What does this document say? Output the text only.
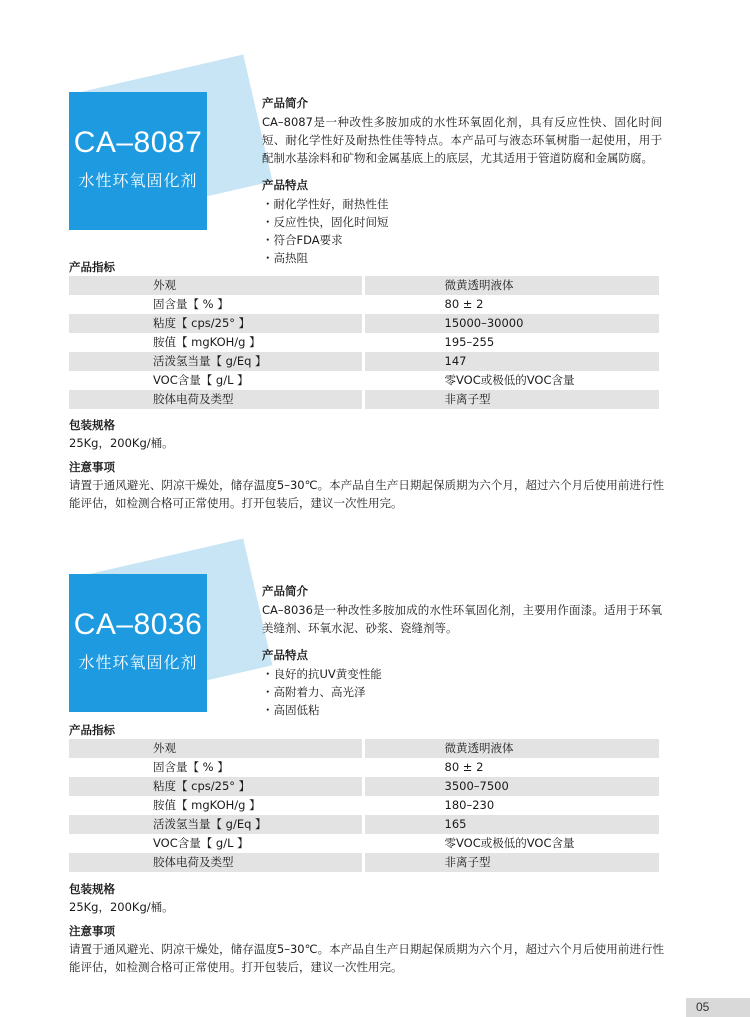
CA–8087
水性环氧固化剂
产品简介

CA–8087是一种改性多胺加成的水性环氧固化剂，具有反应性快、固化时间短、耐化学性好及耐热性佳等特点。本产品可与液态环氧树脂一起使用，用于配制水基涂料和矿物和金属基底上的底层，尤其适用于管道防腐和金属防腐。

产品特点
・耐化学性好，耐热性佳
・反应性快，固化时间短
・符合FDA要求
・高热阻
产品指标
外观	微黄透明液体
固含量【 % 】	80 ± 2
粘度【 cps/25° 】	15000–30000
胺值【 mgKOH/g 】	195–255
活泼氢当量【 g/Eq 】	147
VOC含量【 g/L 】	零VOC或极低的VOC含量
胶体电荷及类型	非离子型
包装规格

25Kg，200Kg/桶。

注意事项

请置于通风避光、阴凉干燥处，储存温度5–30℃。本产品自生产日期起保质期为六个月，超过六个月后使用前进行性能评估，如检测合格可正常使用。打开包装后，建议一次性用完。

CA–8036
水性环氧固化剂
产品简介

CA–8036是一种改性多胺加成的水性环氧固化剂，主要用作面漆。适用于环氧美缝剂、环氧水泥、砂浆、瓷缝剂等。

产品特点
・良好的抗UV黄变性能
・高附着力、高光泽
・高固低粘
产品指标
外观	微黄透明液体
固含量【 % 】	80 ± 2
粘度【 cps/25° 】	3500–7500
胺值【 mgKOH/g 】	180–230
活泼氢当量【 g/Eq 】	165
VOC含量【 g/L 】	零VOC或极低的VOC含量
胶体电荷及类型	非离子型
包装规格

25Kg，200Kg/桶。

注意事项

请置于通风避光、阴凉干燥处，储存温度5–30℃。本产品自生产日期起保质期为六个月，超过六个月后使用前进行性能评估，如检测合格可正常使用。打开包装后，建议一次性用完。

05
